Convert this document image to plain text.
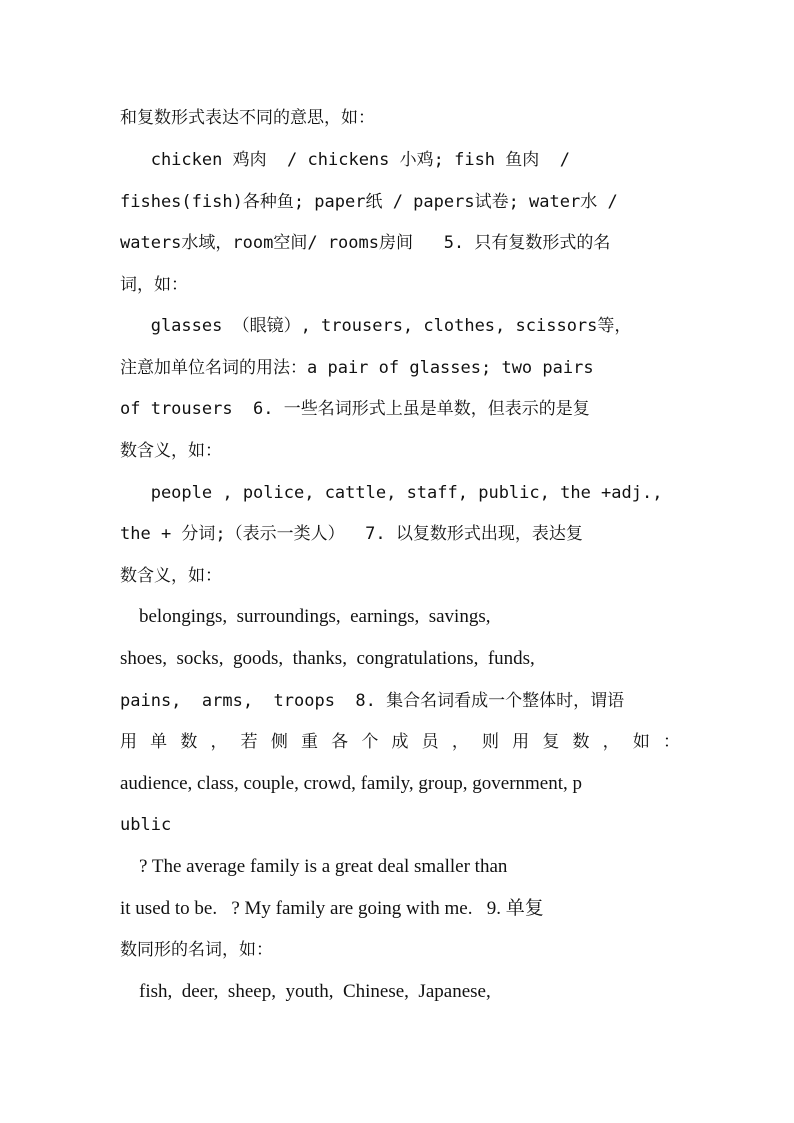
和复数形式表达不同的意思，如：
chicken 鸡肉  / chickens 小鸡; fish 鱼肉  /
fishes(fish)各种鱼; paper纸 / papers试卷; water水 /
waters水域，room空间/ rooms房间   5. 只有复数形式的名
词，如：
glasses （眼镜）, trousers, clothes, scissors等，
注意加单位名词的用法：a pair of glasses; two pairs
of trousers  6. 一些名词形式上虽是单数，但表示的是复
数含义，如：
people , police, cattle, staff, public, the +adj.,
the + 分词;（表示一类人）  7. 以复数形式出现，表达复
数含义，如：
belongings,  surroundings,  earnings,  savings,
shoes,  socks,  goods,  thanks,  congratulations,  funds,
pains,  arms,  troops  8. 集合名词看成一个整体时，谓语
用 单 数 ， 若 侧 重 各 个 成 员 ， 则 用 复 数 ， 如 ：
audience, class, couple, crowd, family, group, government, p
ublic
? The average family is a great deal smaller than
it used to be.   ? My family are going with me.   9. 单复
数同形的名词，如：
fish,  deer,  sheep,  youth,  Chinese,  Japanese,
